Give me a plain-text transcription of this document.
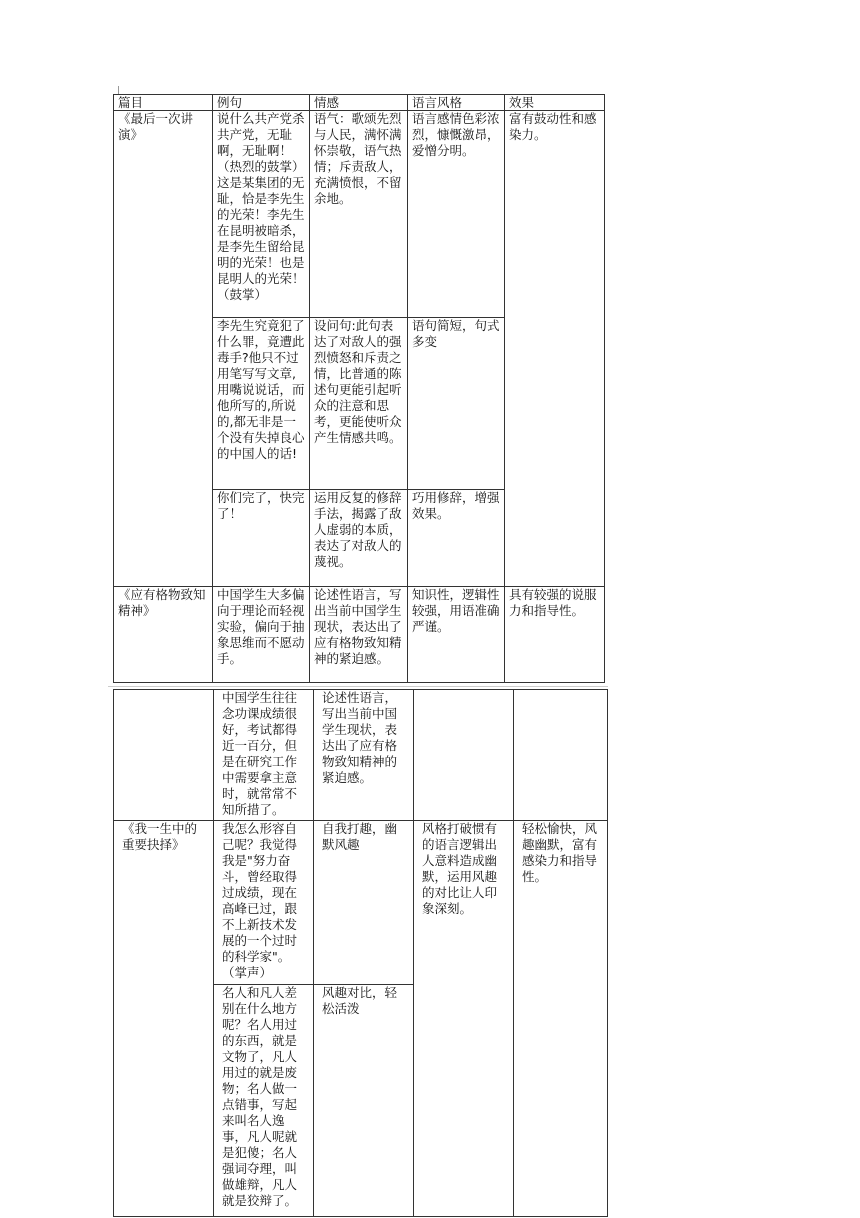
篇目	例句	情感	语言风格	效果
《最后一次讲演》	说什么共产党杀共产党，无耻啊，无耻啊！（热烈的鼓掌）这是某集团的无耻，恰是李先生的光荣！李先生在昆明被暗杀，是李先生留给昆明的光荣！也是昆明人的光荣！（鼓掌）	语气：歌颂先烈与人民，满怀满怀崇敬，语气热情；斥责敌人，充满愤恨，不留余地。	语言感情色彩浓烈，慷慨激昂，爱憎分明。	富有鼓动性和感染力。
	李先生究竟犯了什么罪，竟遭此毒手?他只不过用笔写写文章,用嘴说说话，而他所写的,所说的,都无非是一个没有失掉良心的中国人的话!	设问句:此句表达了对敌人的强烈愤怒和斥责之情，比普通的陈述句更能引起听众的注意和思考，更能使听众产生情感共鸣。	语句简短，句式多变	
	你们完了，快完了！	运用反复的修辞手法，揭露了敌人虚弱的本质，表达了对敌人的蔑视。	巧用修辞，增强效果。	
《应有格物致知精神》	中国学生大多偏向于理论而轻视实验，偏向于抽象思维而不愿动手。	论述性语言，写出当前中国学生现状，表达出了应有格物致知精神的紧迫感。	知识性，逻辑性较强，用语准确严谨。	具有较强的说服力和指导性。
	中国学生往往念功课成绩很好，考试都得近一百分，但是在研究工作中需要拿主意时，就常常不知所措了。	论述性语言，写出当前中国学生现状，表达出了应有格物致知精神的紧迫感。		
《我一生中的重要抉择》	我怎么形容自己呢？我觉得我是"努力奋斗，曾经取得过成绩，现在高峰已过，跟不上新技术发展的一个过时的科学家"。（掌声）	自我打趣，幽默风趣	风格打破惯有的语言逻辑出人意料造成幽默，运用风趣的对比让人印象深刻。	轻松愉快，风趣幽默，富有感染力和指导性。
	名人和凡人差别在什么地方呢？名人用过的东西，就是文物了，凡人用过的就是废物；名人做一点错事，写起来叫名人逸事，凡人呢就是犯傻；名人强词夺理，叫做雄辩，凡人就是狡辩了。	风趣对比，轻松活泼		
